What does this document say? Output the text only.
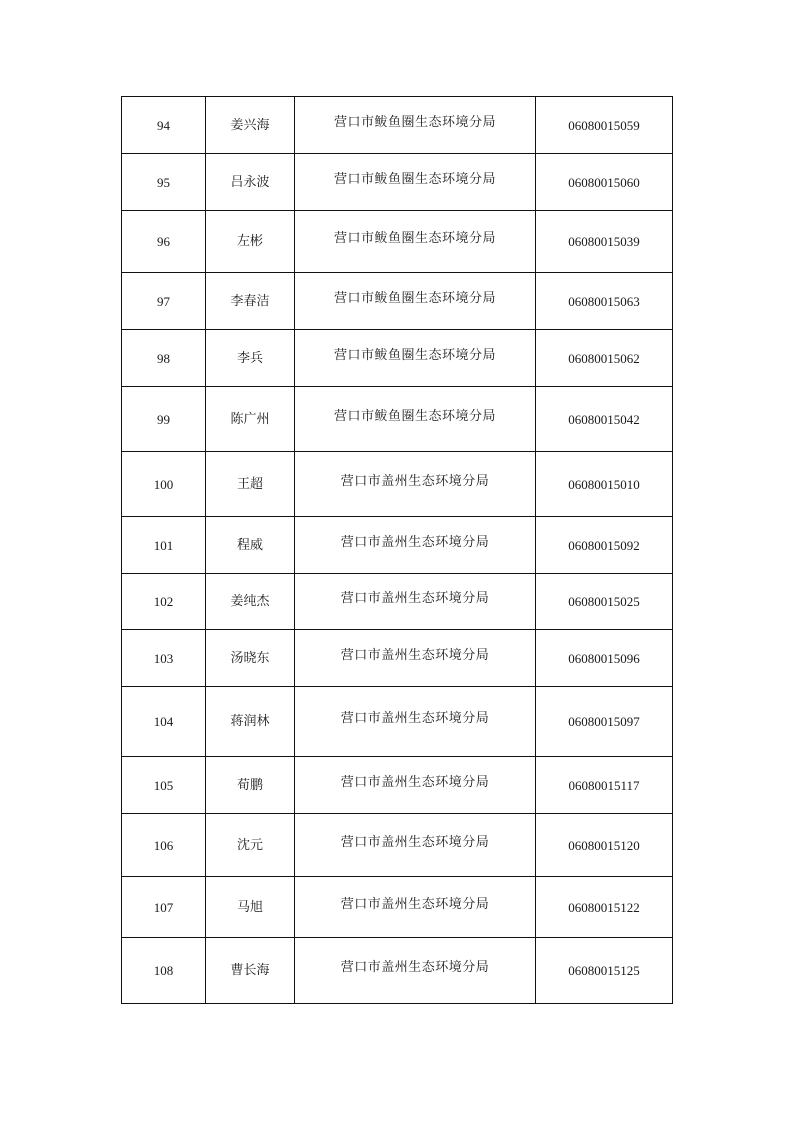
94	姜兴海	营口市鲅鱼圈生态环境分局	06080015059
95	吕永波	营口市鲅鱼圈生态环境分局	06080015060
96	左彬	营口市鲅鱼圈生态环境分局	06080015039
97	李春洁	营口市鲅鱼圈生态环境分局	06080015063
98	李兵	营口市鲅鱼圈生态环境分局	06080015062
99	陈广州	营口市鲅鱼圈生态环境分局	06080015042
100	王超	营口市盖州生态环境分局	06080015010
101	程威	营口市盖州生态环境分局	06080015092
102	姜纯杰	营口市盖州生态环境分局	06080015025
103	汤晓东	营口市盖州生态环境分局	06080015096
104	蒋润林	营口市盖州生态环境分局	06080015097
105	荀鹏	营口市盖州生态环境分局	06080015117
106	沈元	营口市盖州生态环境分局	06080015120
107	马旭	营口市盖州生态环境分局	06080015122
108	曹长海	营口市盖州生态环境分局	06080015125
